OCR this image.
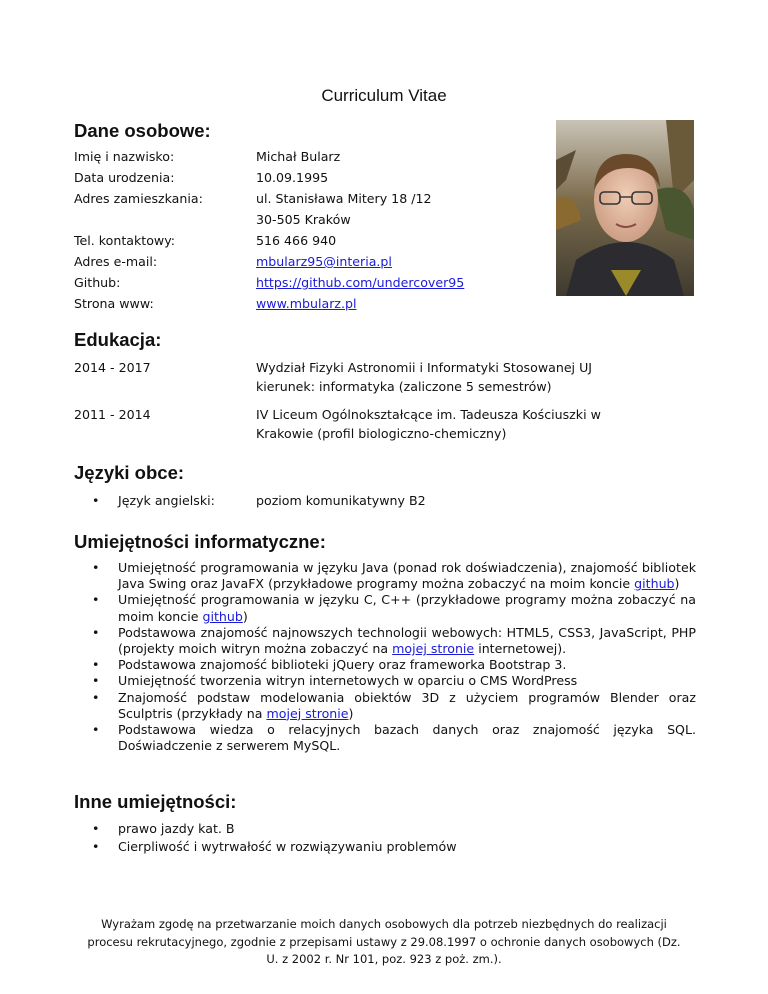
Curriculum Vitae
Dane osobowe:
Imię i nazwisko:	Michał Bularz
Data urodzenia:	10.09.1995
Adres zamieszkania:	ul. Stanisława Mitery 18 /12
30-505 Kraków
Tel. kontaktowy:	516 466 940
Adres e-mail:	mbularz95@interia.pl
Github:	https://github.com/undercover95
Strona www:	www.mbularz.pl
Edukacja:
2014 - 2017	Wydział Fizyki Astronomii i Informatyki Stosowanej UJ
kierunek: informatyka (zaliczone 5 semestrów)
2011 - 2014	IV Liceum Ogólnokształcące im. Tadeusza Kościuszki w
Krakowie (profil biologiczno-chemiczny)
Języki obce:
• Język angielski:	poziom komunikatywny B2
Umiejętności informatyczne:
• Umiejętność programowania w języku Java (ponad rok doświadczenia), znajomość bibliotek Java Swing oraz JavaFX (przykładowe programy można zobaczyć na moim koncie github)
• Umiejętność programowania w języku C, C++ (przykładowe programy można zobaczyć na moim koncie github)
• Podstawowa znajomość najnowszych technologii webowych: HTML5, CSS3, JavaScript, PHP (projekty moich witryn można zobaczyć na mojej stronie internetowej).
• Podstawowa znajomość biblioteki jQuery oraz frameworka Bootstrap 3.
• Umiejętność tworzenia witryn internetowych w oparciu o CMS WordPress
• Znajomość podstaw modelowania obiektów 3D z użyciem programów Blender oraz Sculptris (przykłady na mojej stronie)
• Podstawowa wiedza o relacyjnych bazach danych oraz znajomość języka SQL.
Doświadczenie z serwerem MySQL.
Inne umiejętności:
• prawo jazdy kat. B
• Cierpliwość i wytrwałość w rozwiązywaniu problemów
Wyrażam zgodę na przetwarzanie moich danych osobowych dla potrzeb niezbędnych do realizacji
procesu rekrutacyjnego, zgodnie z przepisami ustawy z 29.08.1997 o ochronie danych osobowych (Dz.
U. z 2002 r. Nr 101, poz. 923 z poż. zm.).
